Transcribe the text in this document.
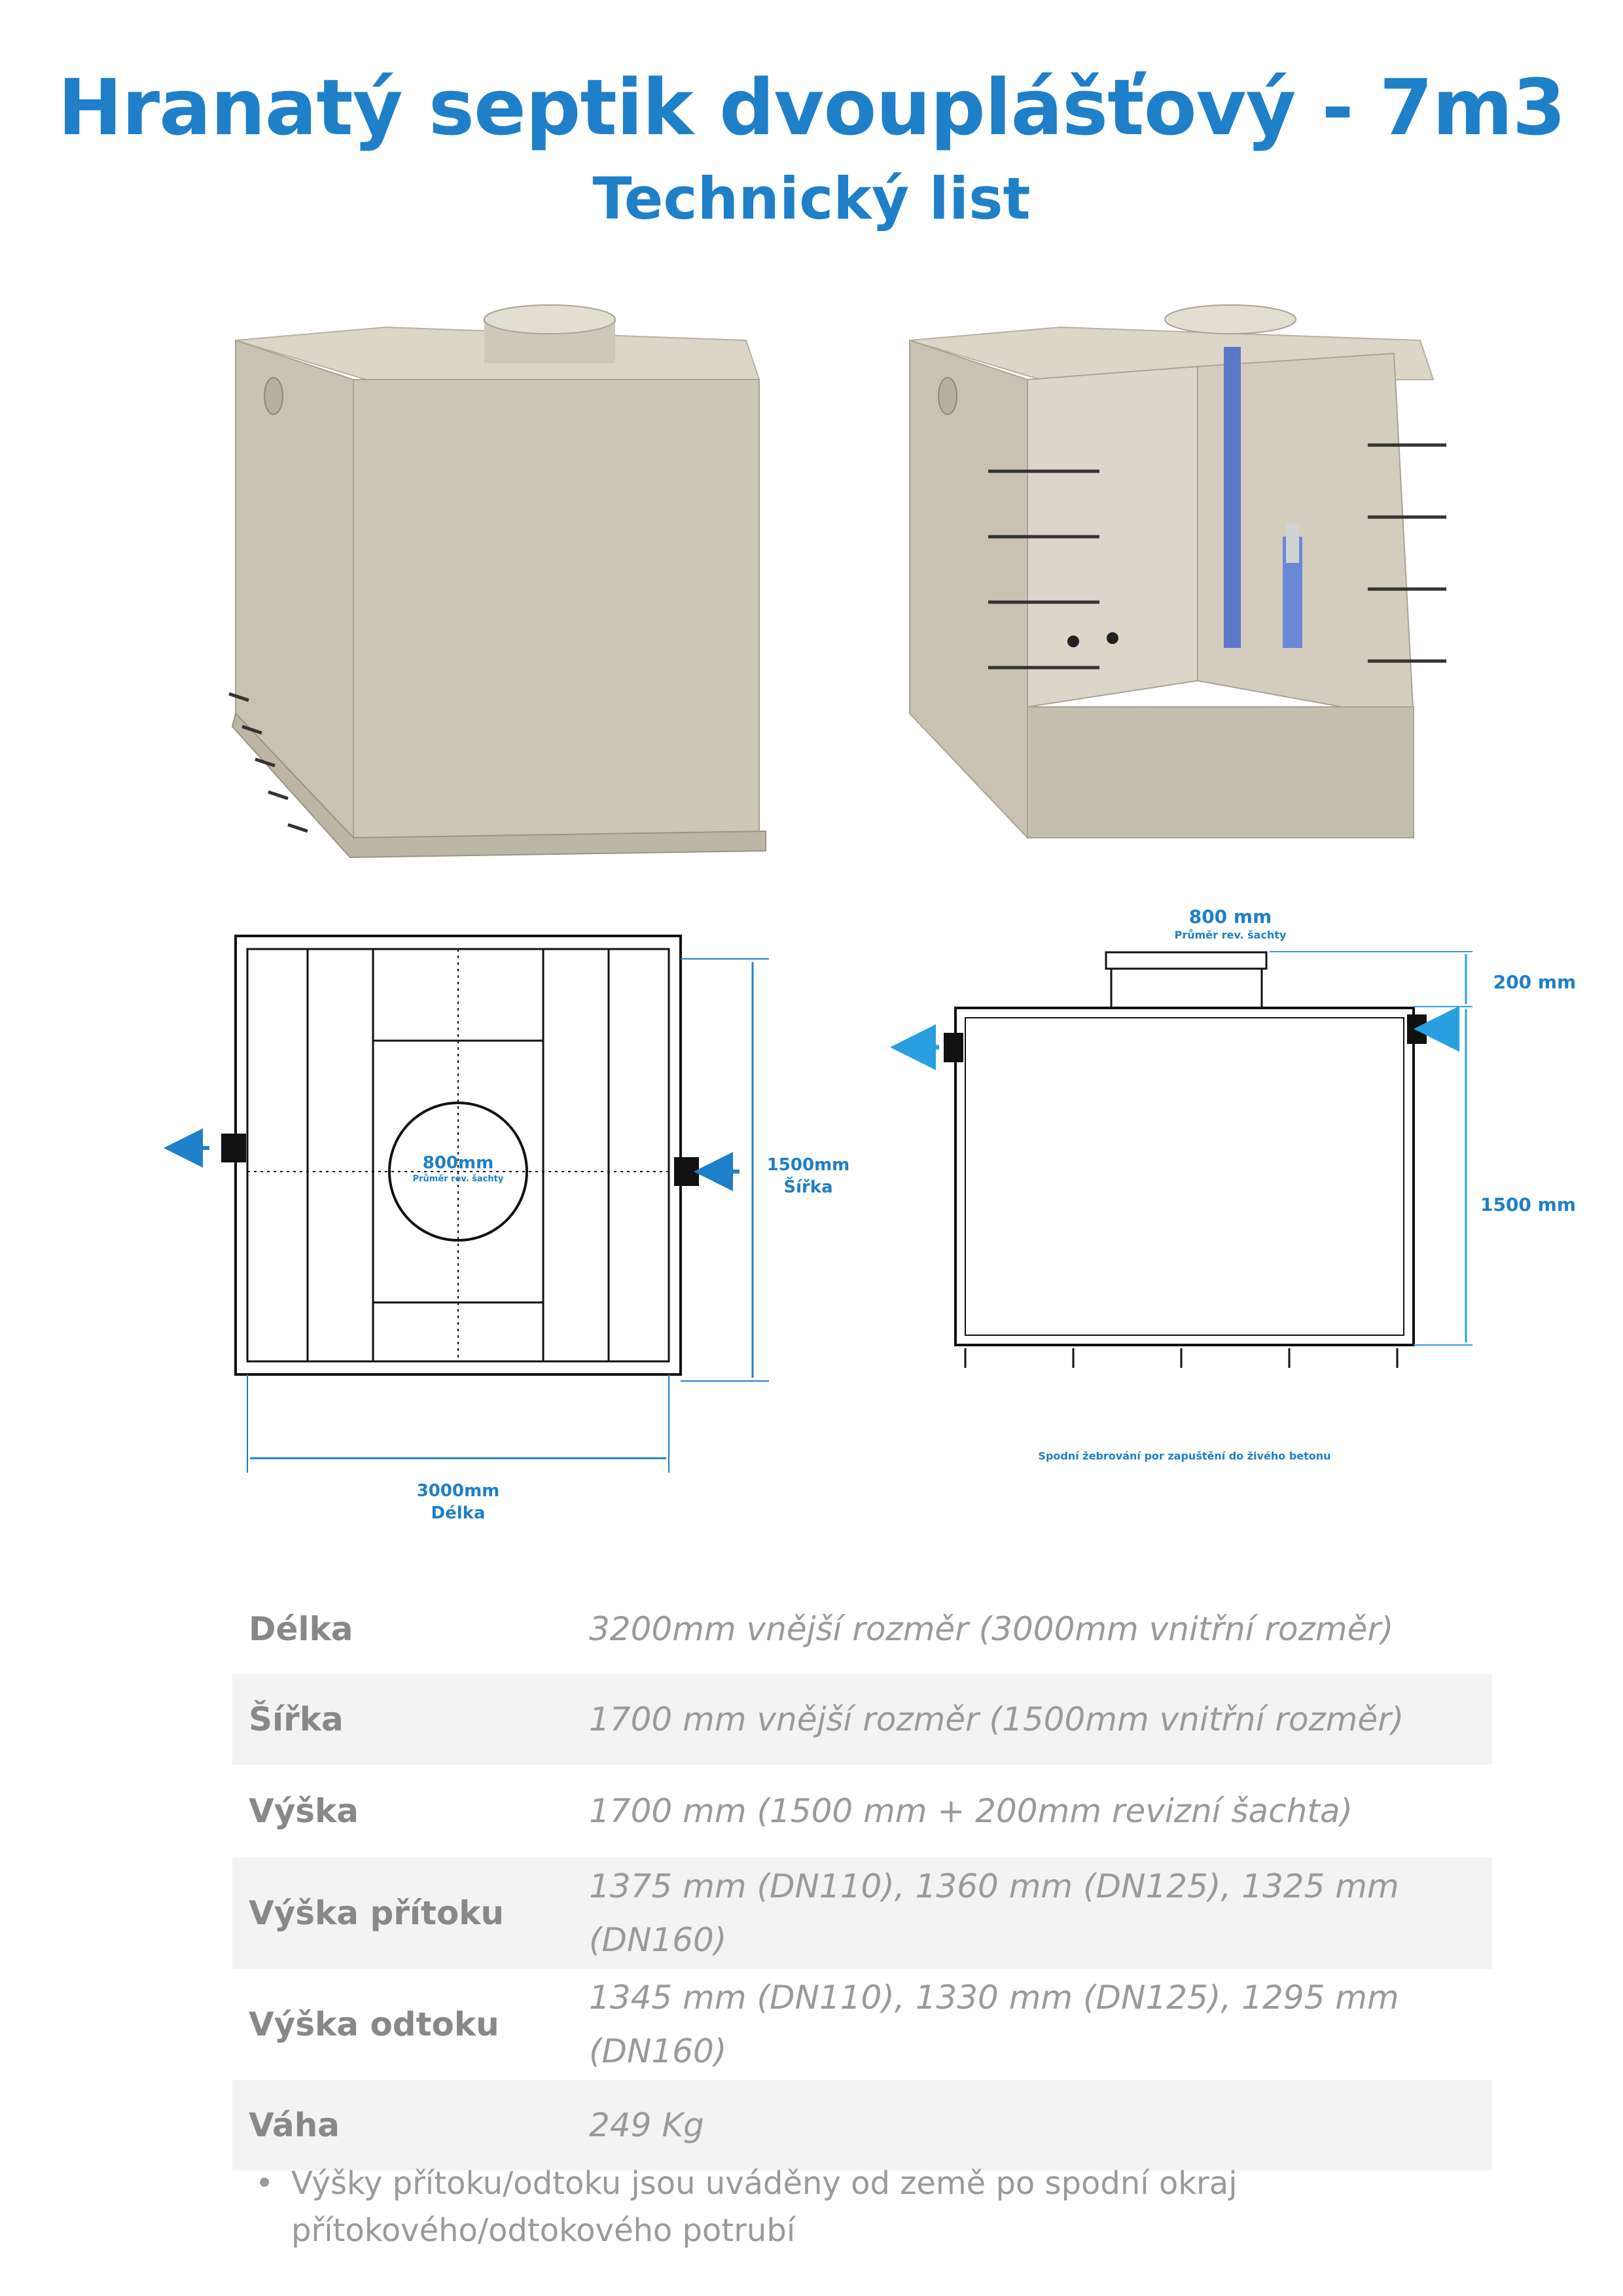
Hranatý septik dvouplášťový - 7m3
Technický list
800mm
Průměr rev. šachty
1500mm
Šířka
3000mm
Délka
800 mm
Průměr rev. šachty
200 mm
1500 mm
Spodní žebrování por zapuštění do živého betonu
Délka	3200mm vnější rozměr (3000mm vnitřní rozměr)
Šířka	1700 mm vnější rozměr (1500mm vnitřní rozměr)
Výška	1700 mm (1500 mm + 200mm revizní šachta)
Výška přítoku	1375 mm (DN110), 1360 mm (DN125), 1325 mm (DN160)
Výška odtoku	1345 mm (DN110), 1330 mm (DN125), 1295 mm (DN160)
Váha	249 Kg
• Výšky přítoku/odtoku jsou uváděny od země po spodní okraj přítokového/odtokového potrubí
